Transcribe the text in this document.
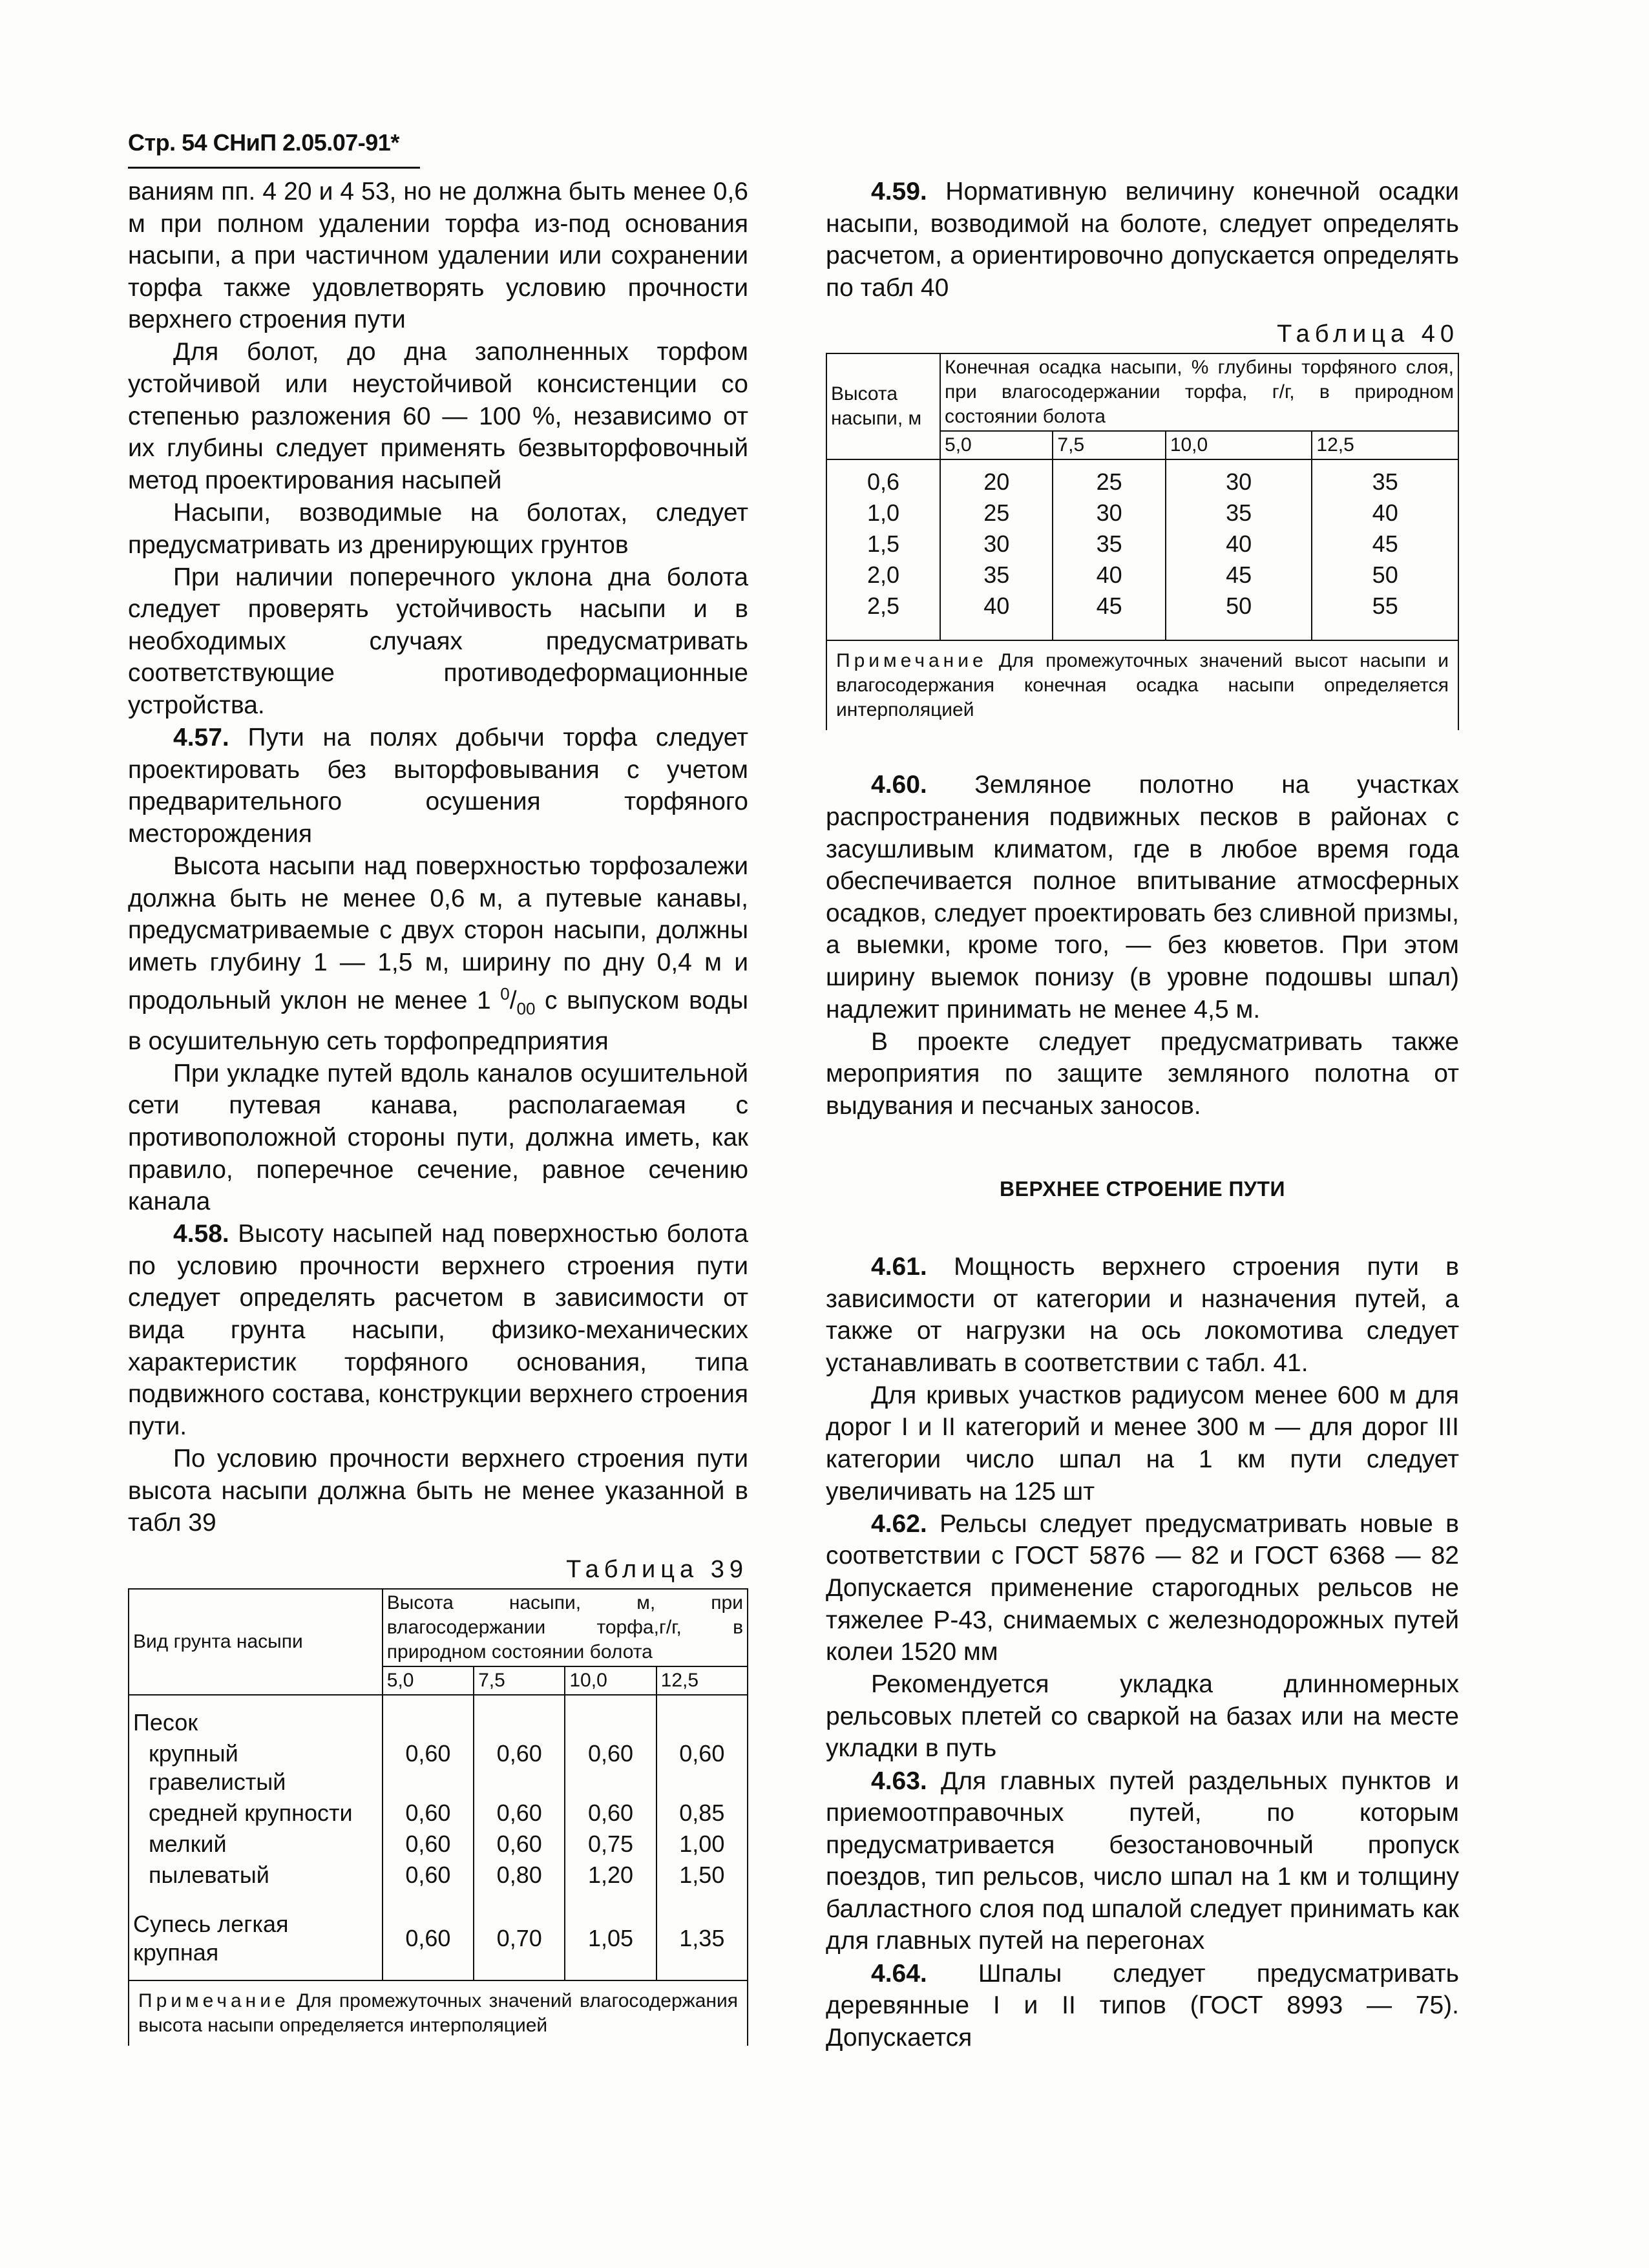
Стр. 54 СНиП 2.05.07-91*

ваниям пп. 4 20 и 4 53, но не должна быть менее 0,6 м при полном удалении торфа из-под основания насыпи, а при частичном удалении или сохранении торфа также удовлетворять условию прочности верхнего строения пути

Для болот, до дна заполненных торфом устойчивой или неустойчивой консистенции со степенью разложения 60 — 100 %, независимо от их глубины следует применять безвыторфовочный метод проектирования насыпей

Насыпи, возводимые на болотах, следует предусматривать из дренирующих грунтов

При наличии поперечного уклона дна болота следует проверять устойчивость насыпи и в необходимых случаях предусматривать соответствующие противодеформационные устройства.

4.57. Пути на полях добычи торфа следует проектировать без выторфовывания с учетом предварительного осушения торфяного месторождения

Высота насыпи над поверхностью торфозалежи должна быть не менее 0,6 м, а путевые канавы, предусматриваемые с двух сторон насыпи, должны иметь глубину 1 — 1,5 м, ширину по дну 0,4 м и продольный уклон не менее 1 $^0/_{00}$ с выпуском воды в осушительную сеть торфопредприятия

При укладке путей вдоль каналов осушительной сети путевая канава, располагаемая с противоположной стороны пути, должна иметь, как правило, поперечное сечение, равное сечению канала

4.58. Высоту насыпей над поверхностью болота по условию прочности верхнего строения пути следует определять расчетом в зависимости от вида грунта насыпи, физико-механических характеристик торфяного основания, типа подвижного состава, конструкции верхнего строения пути.

По условию прочности верхнего строения пути высота насыпи должна быть не менее указанной в табл 39

Таблица 39
Вид грунта насыпи	Высота насыпи, м, при влагосодержании торфа,г/г, в природном состоянии болота			
	5,0	7,5	10,0	12,5
Песок				
крупный гравелистый	0,60	0,60	0,60	0,60
средней крупности	0,60	0,60	0,60	0,85
мелкий	0,60	0,60	0,75	1,00
пылеватый	0,60	0,80	1,20	1,50
Супесь легкая крупная	0,60	0,70	1,05	1,35
Примечание Для промежуточных значений влагосодержания высота насыпи определяется интерполяцией				

4.59. Нормативную величину конечной осадки насыпи, возводимой на болоте, следует определять расчетом, а ориентировочно допускается определять по табл 40

Таблица 40
Высота насыпи, м	Конечная осадка насыпи, % глубины торфяного слоя, при влагосодержании торфа, г/г, в природном состоянии болота			
	5,0	7,5	10,0	12,5
0,6	20	25	30	35
1,0	25	30	35	40
1,5	30	35	40	45
2,0	35	40	45	50
2,5	40	45	50	55
Примечание Для промежуточных значений высот насыпи и влагосодержания конечная осадка насыпи определяется интерполяцией				

4.60. Земляное полотно на участках распространения подвижных песков в районах с засушливым климатом, где в любое время года обеспечивается полное впитывание атмосферных осадков, следует проектировать без сливной призмы, а выемки, кроме того, — без кюветов. При этом ширину выемок понизу (в уровне подошвы шпал) надлежит принимать не менее 4,5 м.

В проекте следует предусматривать также мероприятия по защите земляного полотна от выдувания и песчаных заносов.

ВЕРХНЕЕ СТРОЕНИЕ ПУТИ

4.61. Мощность верхнего строения пути в зависимости от категории и назначения путей, а также от нагрузки на ось локомотива следует устанавливать в соответствии с табл. 41.

Для кривых участков радиусом менее 600 м для дорог I и II категорий и менее 300 м — для дорог III категории число шпал на 1 км пути следует увеличивать на 125 шт

4.62. Рельсы следует предусматривать новые в соответствии с ГОСТ 5876 — 82 и ГОСТ 6368 — 82 Допускается применение старогодных рельсов не тяжелее Р-43, снимаемых с железнодорожных путей колеи 1520 мм

Рекомендуется укладка длинномерных рельсовых плетей со сваркой на базах или на месте укладки в путь

4.63. Для главных путей раздельных пунктов и приемоотправочных путей, по которым предусматривается безостановочный пропуск поездов, тип рельсов, число шпал на 1 км и толщину балластного слоя под шпалой следует принимать как для главных путей на перегонах

4.64. Шпалы следует предусматривать деревянные I и II типов (ГОСТ 8993 — 75). Допускается
